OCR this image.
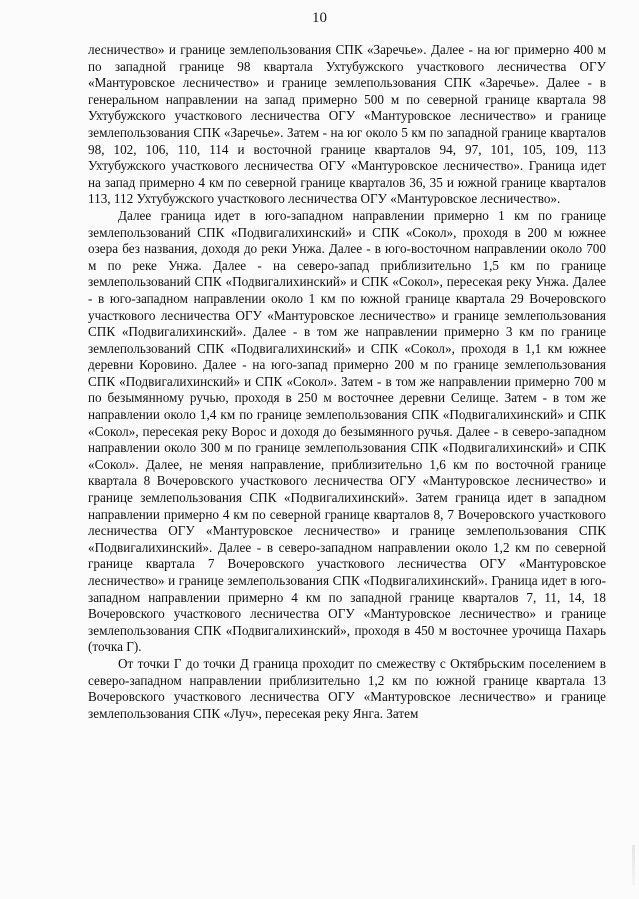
10

лесничество» и границе землепользования СПК «Заречье». Далее - на юг примерно 400 м по западной границе 98 квартала Ухтубужского участкового лесничества ОГУ «Мантуровское лесничество» и границе землепользования СПК «Заречье». Далее - в генеральном направлении на запад примерно 500 м по северной границе квартала 98 Ухтубужского участкового лесничества ОГУ «Мантуровское лесничество» и границе землепользования СПК «Заречье». Затем - на юг около 5 км по западной границе кварталов 98, 102, 106, 110, 114 и восточной границе кварталов 94, 97, 101, 105, 109, 113 Ухтубужского участкового лесничества ОГУ «Мантуровское лесничество». Граница идет на запад примерно 4 км по северной границе кварталов 36, 35 и южной границе кварталов 113, 112 Ухтубужского участкового лесничества ОГУ «Мантуровское лесничество».

Далее граница идет в юго-западном направлении примерно 1 км по границе землепользований СПК «Подвигалихинский» и СПК «Сокол», проходя в 200 м южнее озера без названия, доходя до реки Унжа. Далее - в юго-восточном направлении около 700 м по реке Унжа. Далее - на северо-запад приблизительно 1,5 км по границе землепользований СПК «Подвигалихинский» и СПК «Сокол», пересекая реку Унжа. Далее - в юго-западном направлении около 1 км по южной границе квартала 29 Вочеровского участкового лесничества ОГУ «Мантуровское лесничество» и границе землепользования СПК «Подвигалихинский». Далее - в том же направлении примерно 3 км по границе землепользований СПК «Подвигалихинский» и СПК «Сокол», проходя в 1,1 км южнее деревни Коровино. Далее - на юго-запад примерно 200 м по границе землепользования СПК «Подвигалихинский» и СПК «Сокол». Затем - в том же направлении примерно 700 м по безымянному ручью, проходя в 250 м восточнее деревни Селище. Затем - в том же направлении около 1,4 км по границе землепользования СПК «Подвигалихинский» и СПК «Сокол», пересекая реку Ворос и доходя до безымянного ручья. Далее - в северо-западном направлении около 300 м по границе землепользования СПК «Подвигалихинский» и СПК «Сокол». Далее, не меняя направление, приблизительно 1,6 км по восточной границе квартала 8 Вочеровского участкового лесничества ОГУ «Мантуровское лесничество» и границе землепользования СПК «Подвигалихинский». Затем граница идет в западном направлении примерно 4 км по северной границе кварталов 8, 7 Вочеровского участкового лесничества ОГУ «Мантуровское лесничество» и границе землепользования СПК «Подвигалихинский». Далее - в северо-западном направлении около 1,2 км по северной границе квартала 7 Вочеровского участкового лесничества ОГУ «Мантуровское лесничество» и границе землепользования СПК «Подвигалихинский». Граница идет в юго-западном направлении примерно 4 км по западной границе кварталов 7, 11, 14, 18 Вочеровского участкового лесничества ОГУ «Мантуровское лесничество» и границе землепользования СПК «Подвигалихинский», проходя в 450 м восточнее урочища Пахарь (точка Г).

От точки Г до точки Д граница проходит по смежеству с Октябрьским поселением в северо-западном направлении приблизительно 1,2 км по южной границе квартала 13 Вочеровского участкового лесничества ОГУ «Мантуровское лесничество» и границе землепользования СПК «Луч», пересекая реку Янга. Затем
